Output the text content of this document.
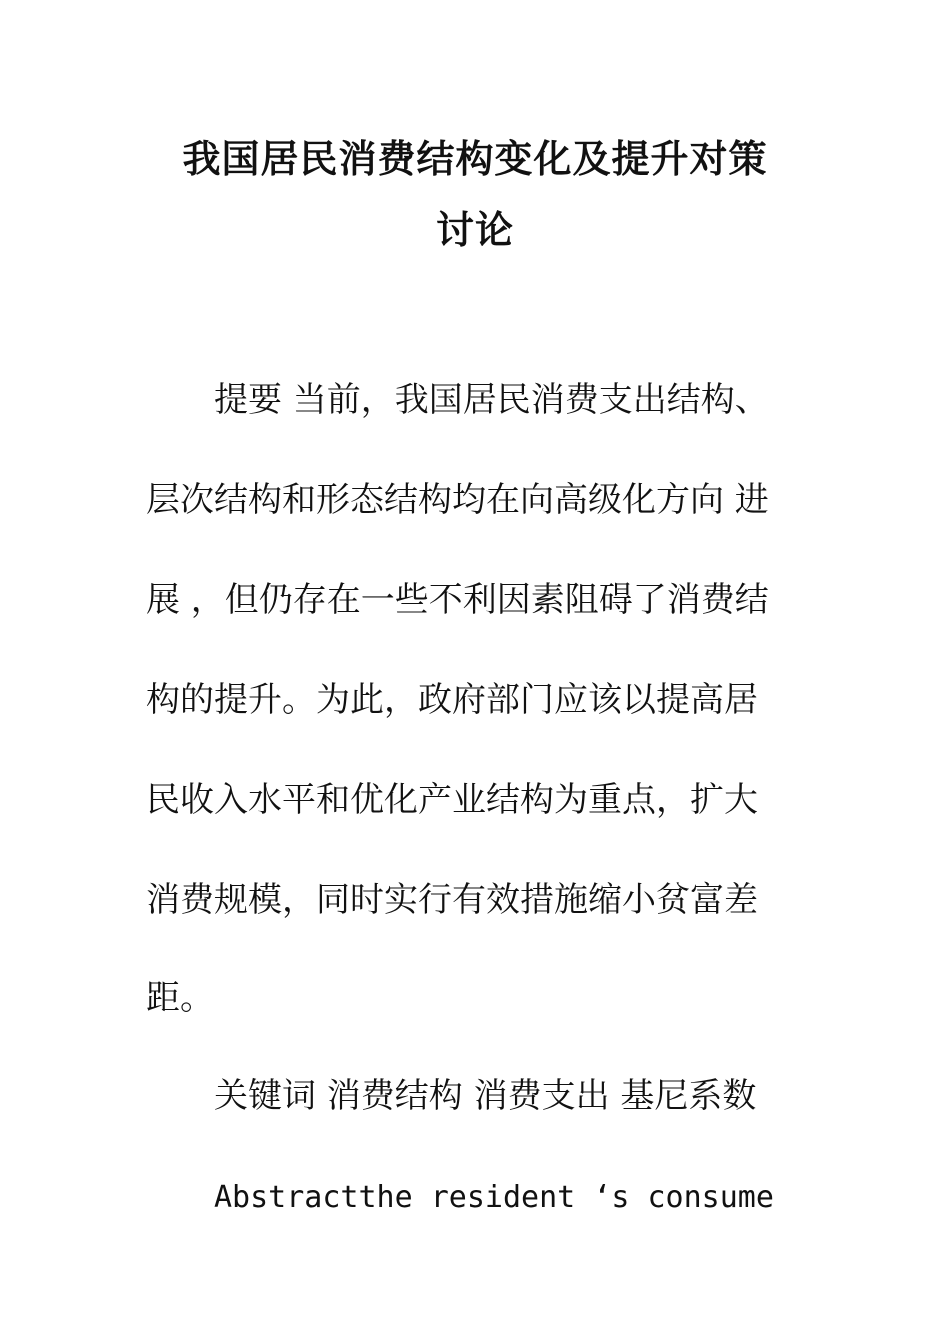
我国居民消费结构变化及提升对策
讨论
提要 当前，我国居民消费支出结构、
层次结构和形态结构均在向高级化方向 进
展 ，但仍存在一些不利因素阻碍了消费结
构的提升。为此，政府部门应该以提高居
民收入水平和优化产业结构为重点，扩大
消费规模，同时实行有效措施缩小贫富差
距。
关键词 消费结构 消费支出 基尼系数
Abstractthe resident ‘s consume
